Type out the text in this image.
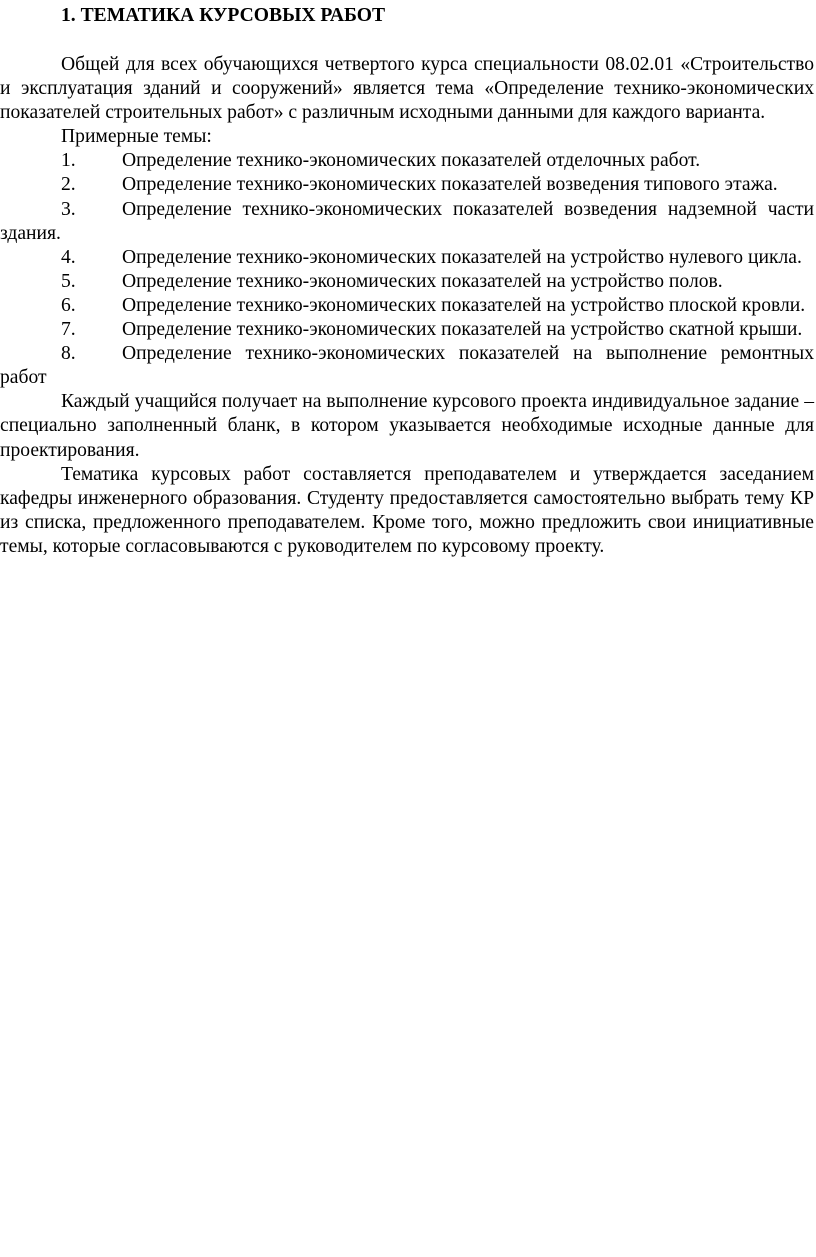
1. ТЕМАТИКА КУРСОВЫХ РАБОТ

Общей для всех обучающихся четвертого курса специальности 08.02.01 «Строительство и эксплуатация зданий и сооружений» является тема «Определение технико-экономических показателей строительных работ» с различным исходными данными для каждого варианта.

Примерные темы:

1. Определение технико-экономических показателей отделочных работ.

2. Определение технико-экономических показателей возведения типового этажа.

3. Определение технико-экономических показателей возведения надземной части здания.

4. Определение технико-экономических показателей на устройство нулевого цикла.

5. Определение технико-экономических показателей на устройство полов.

6. Определение технико-экономических показателей на устройство плоской кровли.

7. Определение технико-экономических показателей на устройство скатной крыши.

8. Определение технико-экономических показателей на выполнение ремонтных работ

Каждый учащийся получает на выполнение курсового проекта индивидуальное задание – специально заполненный бланк, в котором указывается необходимые исходные данные для проектирования.

Тематика курсовых работ составляется преподавателем и утверждается заседанием кафедры инженерного образования. Студенту предоставляется самостоятельно выбрать тему КР из списка, предложенного преподавателем. Кроме того, можно предложить свои инициативные темы, которые согласовываются с руководителем по курсовому проекту.
